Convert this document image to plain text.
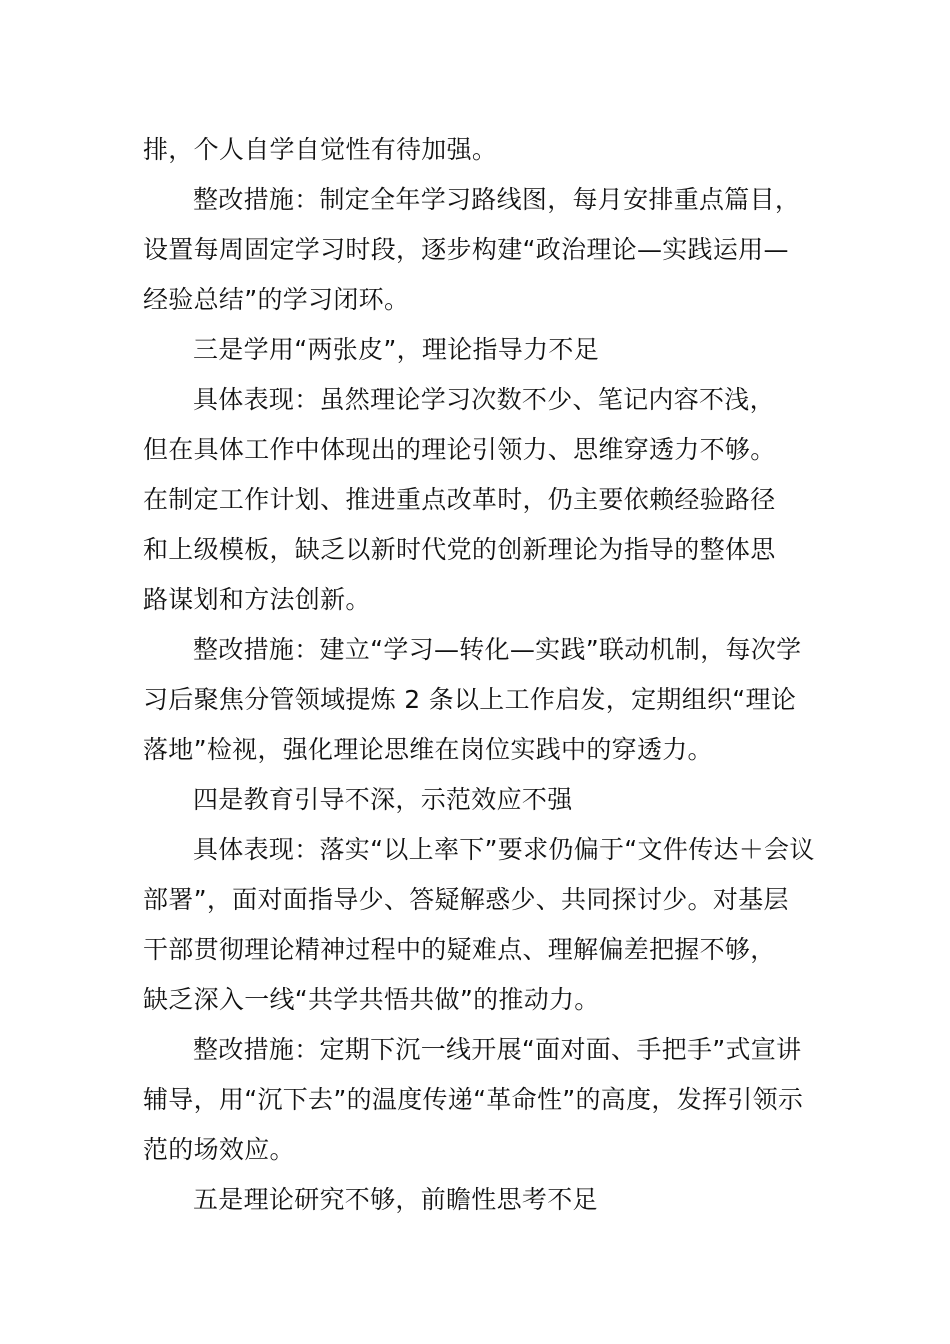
排，个人自学自觉性有待加强。

整改措施：制定全年学习路线图，每月安排重点篇目，

设置每周固定学习时段，逐步构建“政治理论—实践运用—

经验总结”的学习闭环。

三是学用“两张皮”，理论指导力不足

具体表现：虽然理论学习次数不少、笔记内容不浅，

但在具体工作中体现出的理论引领力、思维穿透力不够。

在制定工作计划、推进重点改革时，仍主要依赖经验路径

和上级模板，缺乏以新时代党的创新理论为指导的整体思

路谋划和方法创新。

整改措施：建立“学习—转化—实践”联动机制，每次学

习后聚焦分管领域提炼 2 条以上工作启发，定期组织“理论

落地”检视，强化理论思维在岗位实践中的穿透力。

四是教育引导不深，示范效应不强

具体表现：落实“以上率下”要求仍偏于“文件传达＋会议

部署”，面对面指导少、答疑解惑少、共同探讨少。对基层

干部贯彻理论精神过程中的疑难点、理解偏差把握不够，

缺乏深入一线“共学共悟共做”的推动力。

整改措施：定期下沉一线开展“面对面、手把手”式宣讲

辅导，用“沉下去”的温度传递“革命性”的高度，发挥引领示

范的场效应。

五是理论研究不够，前瞻性思考不足
